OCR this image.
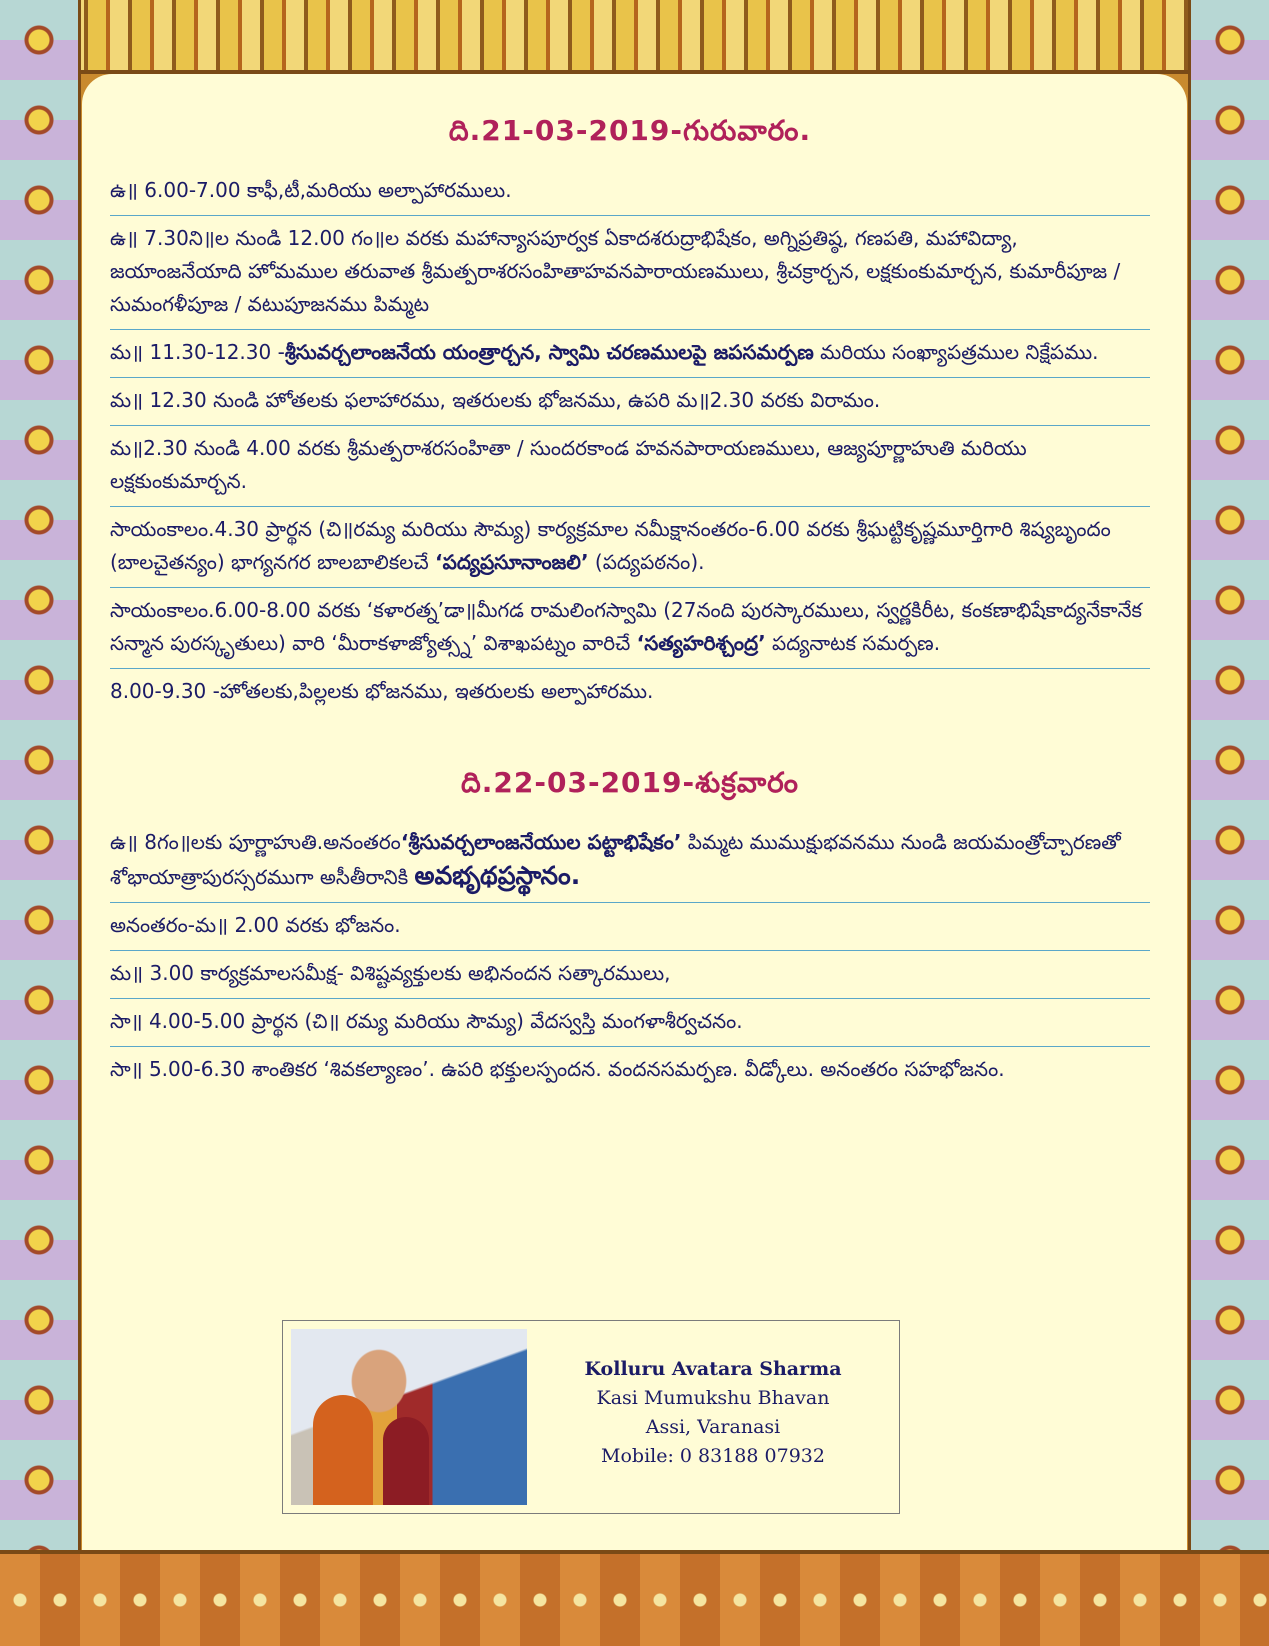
ది.21-03-2019-గురువారం.
ఉ॥ 6.00-7.00 కాఫీ,టీ,మరియు అల్పాహారములు.
ఉ॥ 7.30ని॥ల నుండి 12.00 గం॥ల వరకు మహాన్యాసపూర్వక ఏకాదశరుద్రాభిషేకం, అగ్నిప్రతిష్ఠ, గణపతి, మహావిద్యా, జయాంజనేయాది హోమముల తరువాత శ్రీమత్పరాశరసంహితాహవనపారాయణములు, శ్రీచక్రార్చన, లక్షకుంకుమార్చన, కుమారీపూజ / సుమంగళీపూజ / వటుపూజనము పిమ్మట
మ॥ 11.30-12.30 -శ్రీసువర్చలాంజనేయ యంత్రార్చన, స్వామి చరణములపై జపసమర్పణ మరియు సంఖ్యాపత్రముల నిక్షేపము.
మ॥ 12.30 నుండి హోతలకు ఫలాహారము, ఇతరులకు భోజనము, ఉపరి మ॥2.30 వరకు విరామం.
మ॥2.30 నుండి 4.00 వరకు శ్రీమత్పరాశరసంహితా / సుందరకాండ హవనపారాయణములు, ఆజ్యపూర్ణాహుతి మరియు లక్షకుంకుమార్చన.
సాయంకాలం.4.30 ప్రార్థన (చి॥రమ్య మరియు సౌమ్య) కార్యక్రమాల నమీక్షానంతరం-6.00 వరకు శ్రీఘట్టికృష్ణమూర్తిగారి శిష్యబృందం (బాలచైతన్యం) భాగ్యనగర బాలబాలికలచే ‘పద్యప్రసూనాంజలి’ (పద్యపఠనం).
సాయంకాలం.6.00-8.00 వరకు ‘కళారత్న’డా॥మీగడ రామలింగస్వామి (27నంది పురస్కారములు, స్వర్ణకిరీట, కంకణాభిషేకాద్యనేకానేక సన్మాన పురస్కృతులు) వారి ‘మీరాకళాజ్యోత్స్న’ విశాఖపట్నం వారిచే ‘సత్యహరిశ్చంద్ర’ పద్యనాటక సమర్పణ.
8.00-9.30 -హోతలకు,పిల్లలకు భోజనము, ఇతరులకు అల్పాహారము.
ది.22-03-2019-శుక్రవారం
ఉ॥ 8గం॥లకు పూర్ణాహుతి.అనంతరం‘శ్రీసువర్చలాంజనేయుల పట్టాభిషేకం’ పిమ్మట ముముక్షుభవనము నుండి జయమంత్రోచ్చారణతో శోభాయాత్రాపురస్సరముగా అసీతీరానికి అవభృథప్రస్థానం.
అనంతరం-మ॥ 2.00 వరకు భోజనం.
మ॥ 3.00 కార్యక్రమాలసమీక్ష- విశిష్టవ్యక్తులకు అభినందన సత్కారములు,
సా॥ 4.00-5.00 ప్రార్థన (చి॥ రమ్య మరియు సౌమ్య) వేదస్వస్తి మంగళాశీర్వచనం.
సా॥ 5.00-6.30 శాంతికర ‘శివకల్యాణం’. ఉపరి భక్తులస్పందన. వందనసమర్పణ. వీడ్కోలు. అనంతరం సహభోజనం.
Kolluru Avatara Sharma
Kasi Mumukshu Bhavan
Assi, Varanasi
Mobile: 0 83188 07932
